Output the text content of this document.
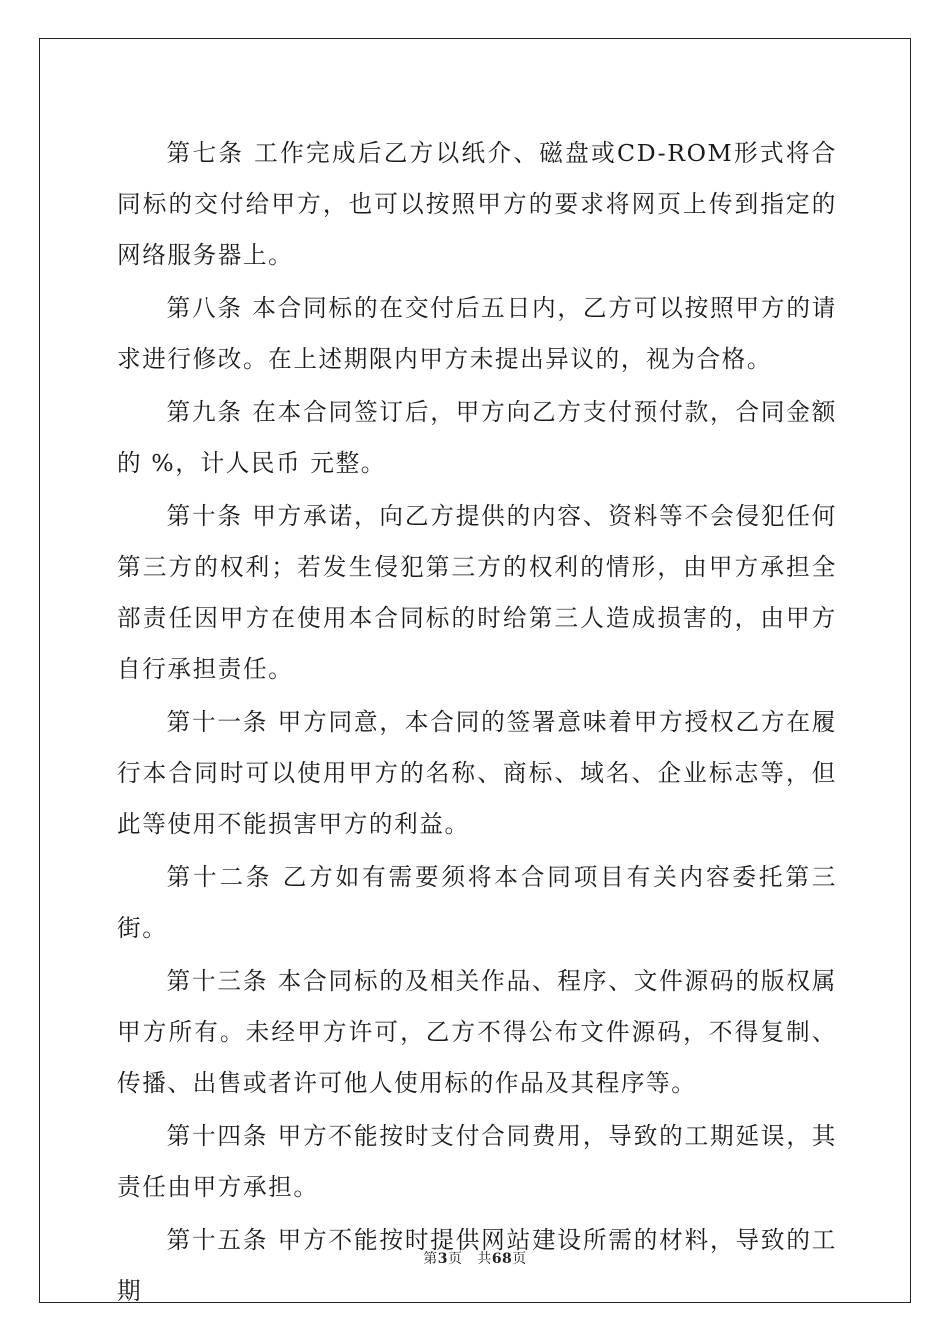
第七条 工作完成后乙方以纸介、磁盘或CD-ROM形式将合同标的交付给甲方，也可以按照甲方的要求将网页上传到指定的网络服务器上。

第八条 本合同标的在交付后五日内，乙方可以按照甲方的请求进行修改。在上述期限内甲方未提出异议的，视为合格。

第九条 在本合同签订后，甲方向乙方支付预付款，合同金额的 %，计人民币 元整。

第十条 甲方承诺，向乙方提供的内容、资料等不会侵犯任何第三方的权利；若发生侵犯第三方的权利的情形，由甲方承担全部责任因甲方在使用本合同标的时给第三人造成损害的，由甲方自行承担责任。

第十一条 甲方同意，本合同的签署意味着甲方授权乙方在履行本合同时可以使用甲方的名称、商标、域名、企业标志等，但此等使用不能损害甲方的利益。

第十二条 乙方如有需要须将本合同项目有关内容委托第三街。

第十三条 本合同标的及相关作品、程序、文件源码的版权属甲方所有。未经甲方许可，乙方不得公布文件源码，不得复制、传播、出售或者许可他人使用标的作品及其程序等。

第十四条 甲方不能按时支付合同费用，导致的工期延误，其责任由甲方承担。

第十五条 甲方不能按时提供网站建设所需的材料，导致的工期

第3页 共68页
